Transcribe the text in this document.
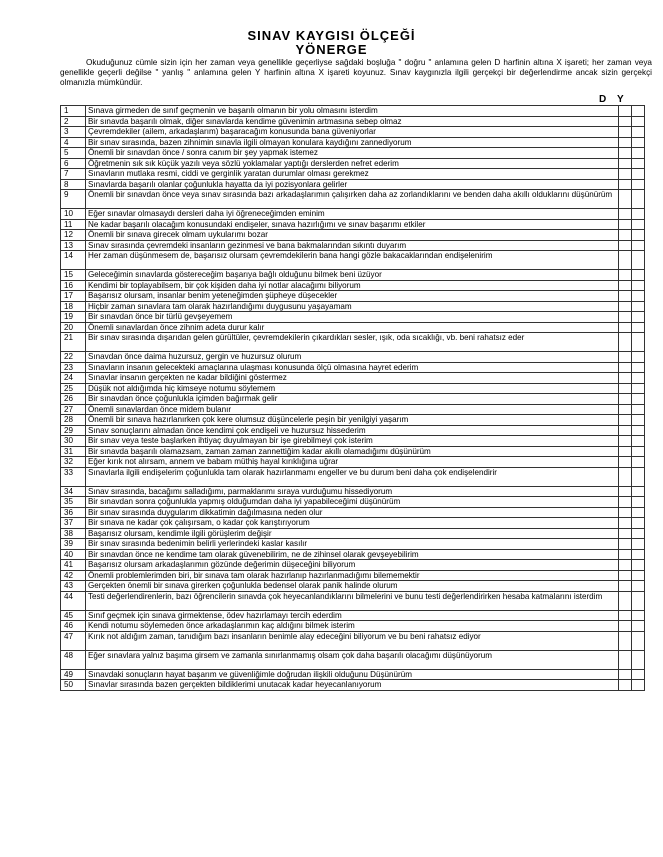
SINAV KAYGISI ÖLÇEĞİ
YÖNERGE
Okuduğunuz cümle sizin için her zaman veya genellikle geçerliyse sağdaki boşluğa " doğru " anlamına gelen D harfinin altına X işareti; her zaman veya genellikle geçerli değilse " yanlış " anlamına gelen Y harfinin altına X işareti koyunuz. Sınav kaygınızla ilgili gerçekçi bir değerlendirme ancak sizin gerçekçi olmanızla mümkündür.
D Y
1	Sınava girmeden de sınıf geçmenin ve başarılı olmanın bir yolu olmasını isterdim		
2	Bir sınavda başarılı olmak, diğer sınavlarda kendime güvenimin artmasına sebep olmaz		
3	Çevremdekiler (ailem, arkadaşlarım) başaracağım konusunda bana güveniyorlar		
4	Bir sınav sırasında, bazen zihnimin sınavla ilgili olmayan konulara kaydığını zannediyorum		
5	Önemli bir sınavdan önce / sonra canım bir şey yapmak istemez		
6	Öğretmenin sık sık küçük yazılı veya sözlü yoklamalar yaptığı derslerden nefret ederim		
7	Sınavların mutlaka resmi, ciddi ve gerginlik yaratan durumlar olması gerekmez		
8	Sınavlarda başarılı olanlar çoğunlukla hayatta da iyi pozisyonlara gelirler		
9	Önemli bir sınavdan önce veya sınav sırasında bazı arkadaşlarımın çalışırken daha az zorlandıklarını ve benden daha akıllı olduklarını düşünürüm		
10	Eğer sınavlar olmasaydı dersleri daha iyi öğreneceğimden eminim		
11	Ne kadar başarılı olacağım konusundaki endişeler, sınava hazırlığımı ve sınav başarımı etkiler		
12	Önemli bir sınava girecek olmam uykularımı bozar		
13	Sınav sırasında çevremdeki insanların gezinmesi ve bana bakmalarından sıkıntı duyarım		
14	Her zaman düşünmesem de, başarısız olursam çevremdekilerin bana hangi gözle bakacaklarından endişelenirim		
15	Geleceğimin sınavlarda göstereceğim başarıya bağlı olduğunu bilmek beni üzüyor		
16	Kendimi bir toplayabilsem, bir çok kişiden daha iyi notlar alacağımı biliyorum		
17	Başarısız olursam, insanlar benim yeteneğimden şüpheye düşecekler		
18	Hiçbir zaman sınavlara tam olarak hazırlandığımı duygusunu yaşayamam		
19	Bir sınavdan önce bir türlü gevşeyemem		
20	Önemli sınavlardan önce zihnim adeta durur kalır		
21	Bir sınav sırasında dışarıdan gelen gürültüler, çevremdekilerin çıkardıkları sesler, ışık, oda sıcaklığı, vb. beni rahatsız eder		
22	Sınavdan önce daima huzursuz, gergin ve huzursuz olurum		
23	Sınavların insanın gelecekteki amaçlarına ulaşması konusunda ölçü olmasına hayret ederim		
24	Sınavlar insanın gerçekten ne kadar bildiğini göstermez		
25	Düşük not aldığımda hiç kimseye notumu söylemem		
26	Bir sınavdan önce çoğunlukla içimden bağırmak gelir		
27	Önemli sınavlardan önce midem bulanır		
28	Önemli bir sınava hazırlanırken çok kere olumsuz düşüncelerle peşin bir yenilgiyi yaşarım		
29	Sınav sonuçlarını almadan önce kendimi çok endişeli ve huzursuz hissederim		
30	Bir sınav veya teste başlarken ihtiyaç duyulmayan bir işe girebilmeyi çok isterim		
31	Bir sınavda başarılı olamazsam, zaman zaman zannettiğim kadar akıllı olamadığımı düşünürüm		
32	Eğer kırık not alırsam, annem ve babam müthiş hayal kırıklığına uğrar		
33	Sınavlarla ilgili endişelerim çoğunlukla tam olarak hazırlanmamı engeller ve bu durum beni daha çok endişelendirir		
34	Sınav sırasında, bacağımı salladığımı, parmaklarımı sıraya vurduğumu hissediyorum		
35	Bir sınavdan sonra çoğunlukla yapmış olduğumdan daha iyi yapabileceğimi düşünürüm		
36	Bir sınav sırasında duygularım dikkatimin dağılmasına neden olur		
37	Bir sınava ne kadar çok çalışırsam, o kadar çok karıştırıyorum		
38	Başarısız olursam, kendimle ilgili görüşlerim değişir		
39	Bir sınav sırasında bedenimin belirli yerlerindeki kaslar kasılır		
40	Bir sınavdan önce ne kendime tam olarak güvenebilirim, ne de zihinsel olarak gevşeyebilirim		
41	Başarısız olursam arkadaşlarımın gözünde değerimin düşeceğini biliyorum		
42	Önemli problemlerimden biri, bir sınava tam olarak hazırlanıp hazırlanmadığımı bilememektir		
43	Gerçekten önemli bir sınava girerken çoğunlukla bedensel olarak panik halinde olurum		
44	Testi değerlendirenlerin, bazı öğrencilerin sınavda çok heyecanlandıklarını bilmelerini ve bunu testi değerlendirirken hesaba katmalarını isterdim		
45	Sınıf geçmek için sınava girmektense, ödev hazırlamayı tercih ederdim		
46	Kendi notumu söylemeden önce arkadaşlarımın kaç aldığını bilmek isterim		
47	Kırık not aldığım zaman, tanıdığım bazı insanların benimle alay edeceğini biliyorum ve bu beni rahatsız ediyor		
48	Eğer sınavlara yalnız başıma girsem ve zamanla sınırlanmamış olsam çok daha başarılı olacağımı düşünüyorum		
49	Sınavdaki sonuçların hayat başarım ve güvenliğimle doğrudan ilişkili olduğunu Düşünürüm		
50	Sınavlar sırasında bazen gerçekten bildiklerimi unutacak kadar heyecanlanıyorum		
